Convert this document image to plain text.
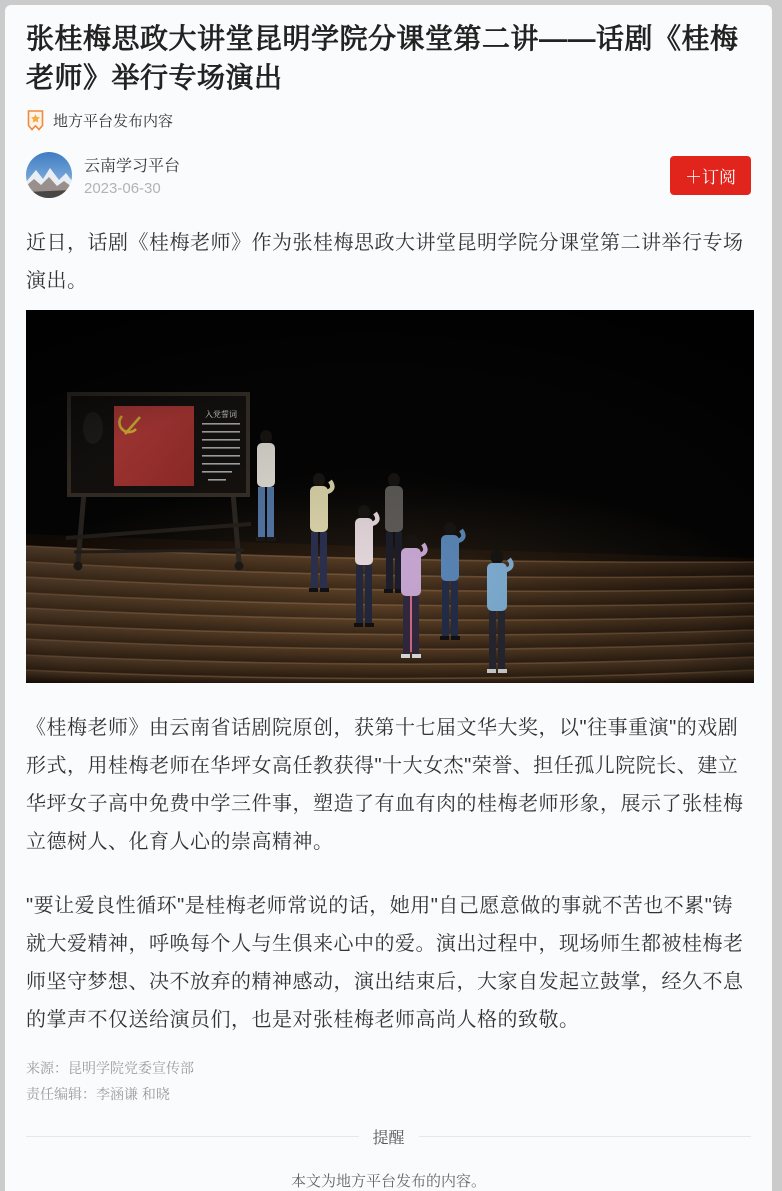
张桂梅思政大讲堂昆明学院分课堂第二讲——话剧《桂梅老师》举行专场演出
地方平台发布内容
云南学习平台
2023-06-30
＋订阅

近日，话剧《桂梅老师》作为张桂梅思政大讲堂昆明学院分课堂第二讲举行专场演出。

《桂梅老师》由云南省话剧院原创，获第十七届文华大奖，以"往事重演"的戏剧形式，用桂梅老师在华坪女高任教获得"十大女杰"荣誉、担任孤儿院院长、建立华坪女子高中免费中学三件事，塑造了有血有肉的桂梅老师形象，展示了张桂梅立德树人、化育人心的崇高精神。

"要让爱良性循环"是桂梅老师常说的话，她用"自己愿意做的事就不苦也不累"铸就大爱精神，呼唤每个人与生俱来心中的爱。演出过程中，现场师生都被桂梅老师坚守梦想、决不放弃的精神感动，演出结束后，大家自发起立鼓掌，经久不息的掌声不仅送给演员们，也是对张桂梅老师高尚人格的致敬。

来源：昆明学院党委宣传部
责任编辑：李涵谦 和晓
提醒
本文为地方平台发布的内容。
